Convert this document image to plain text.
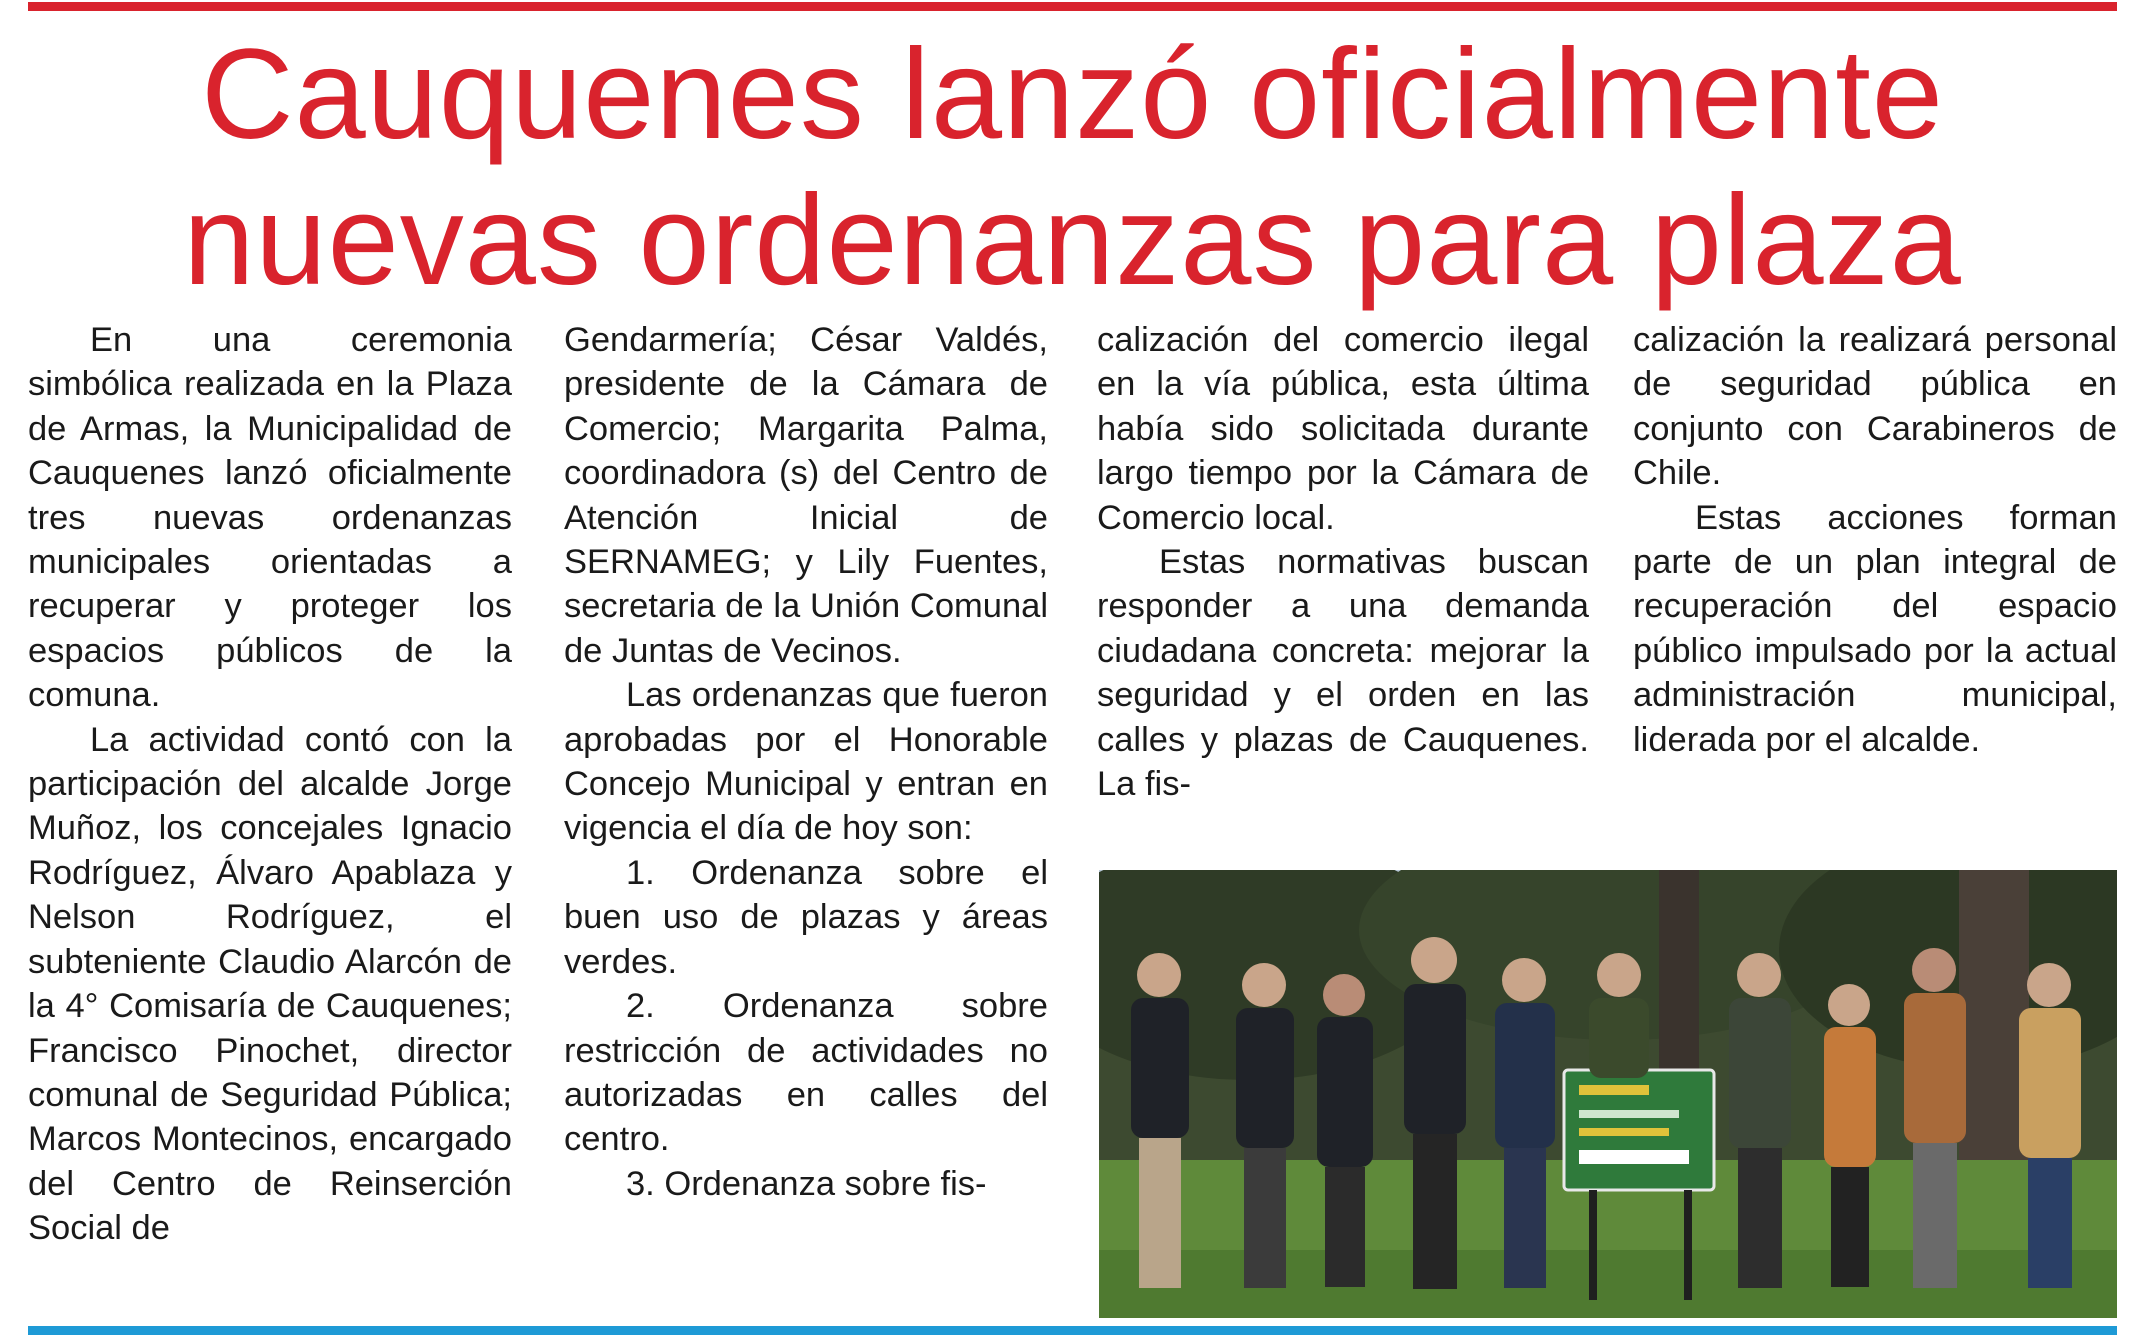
Cauquenes lanzó oficialmente
nuevas ordenanzas para plaza

En una ceremonia simbólica realizada en la Plaza de Armas, la Municipalidad de Cauquenes lanzó oficialmente tres nuevas ordenanzas municipales orientadas a recuperar y proteger los espacios públicos de la comuna.

La actividad contó con la participación del alcalde Jorge Muñoz, los concejales Ignacio Rodríguez, Álvaro Apablaza y Nelson Rodríguez, el subteniente Claudio Alarcón de la 4° Comisaría de Cauquenes; Francisco Pinochet, director comunal de Seguridad Pública; Marcos Montecinos, encargado del Centro de Reinserción Social de

Gendarmería; César Valdés, presidente de la Cámara de Comercio; Margarita Palma, coordinadora (s) del Centro de Atención Inicial de SERNAMEG; y Lily Fuentes, secretaria de la Unión Comunal de Juntas de Vecinos.

Las ordenanzas que fueron aprobadas por el Honorable Concejo Municipal y entran en vigencia el día de hoy son:

1. Ordenanza sobre el buen uso de plazas y áreas verdes.

2. Ordenanza sobre restricción de actividades no autorizadas en calles del centro.

3. Ordenanza sobre fis-

calización del comercio ilegal en la vía pública, esta última había sido solicitada durante largo tiempo por la Cámara de Comercio local.

Estas normativas buscan responder a una demanda ciudadana concreta: mejorar la seguridad y el orden en las calles y plazas de Cauquenes. La fis-

calización la realizará personal de seguridad pública en conjunto con Carabineros de Chile.

Estas acciones forman parte de un plan integral de recuperación del espacio público impulsado por la actual administración municipal, liderada por el alcalde.
